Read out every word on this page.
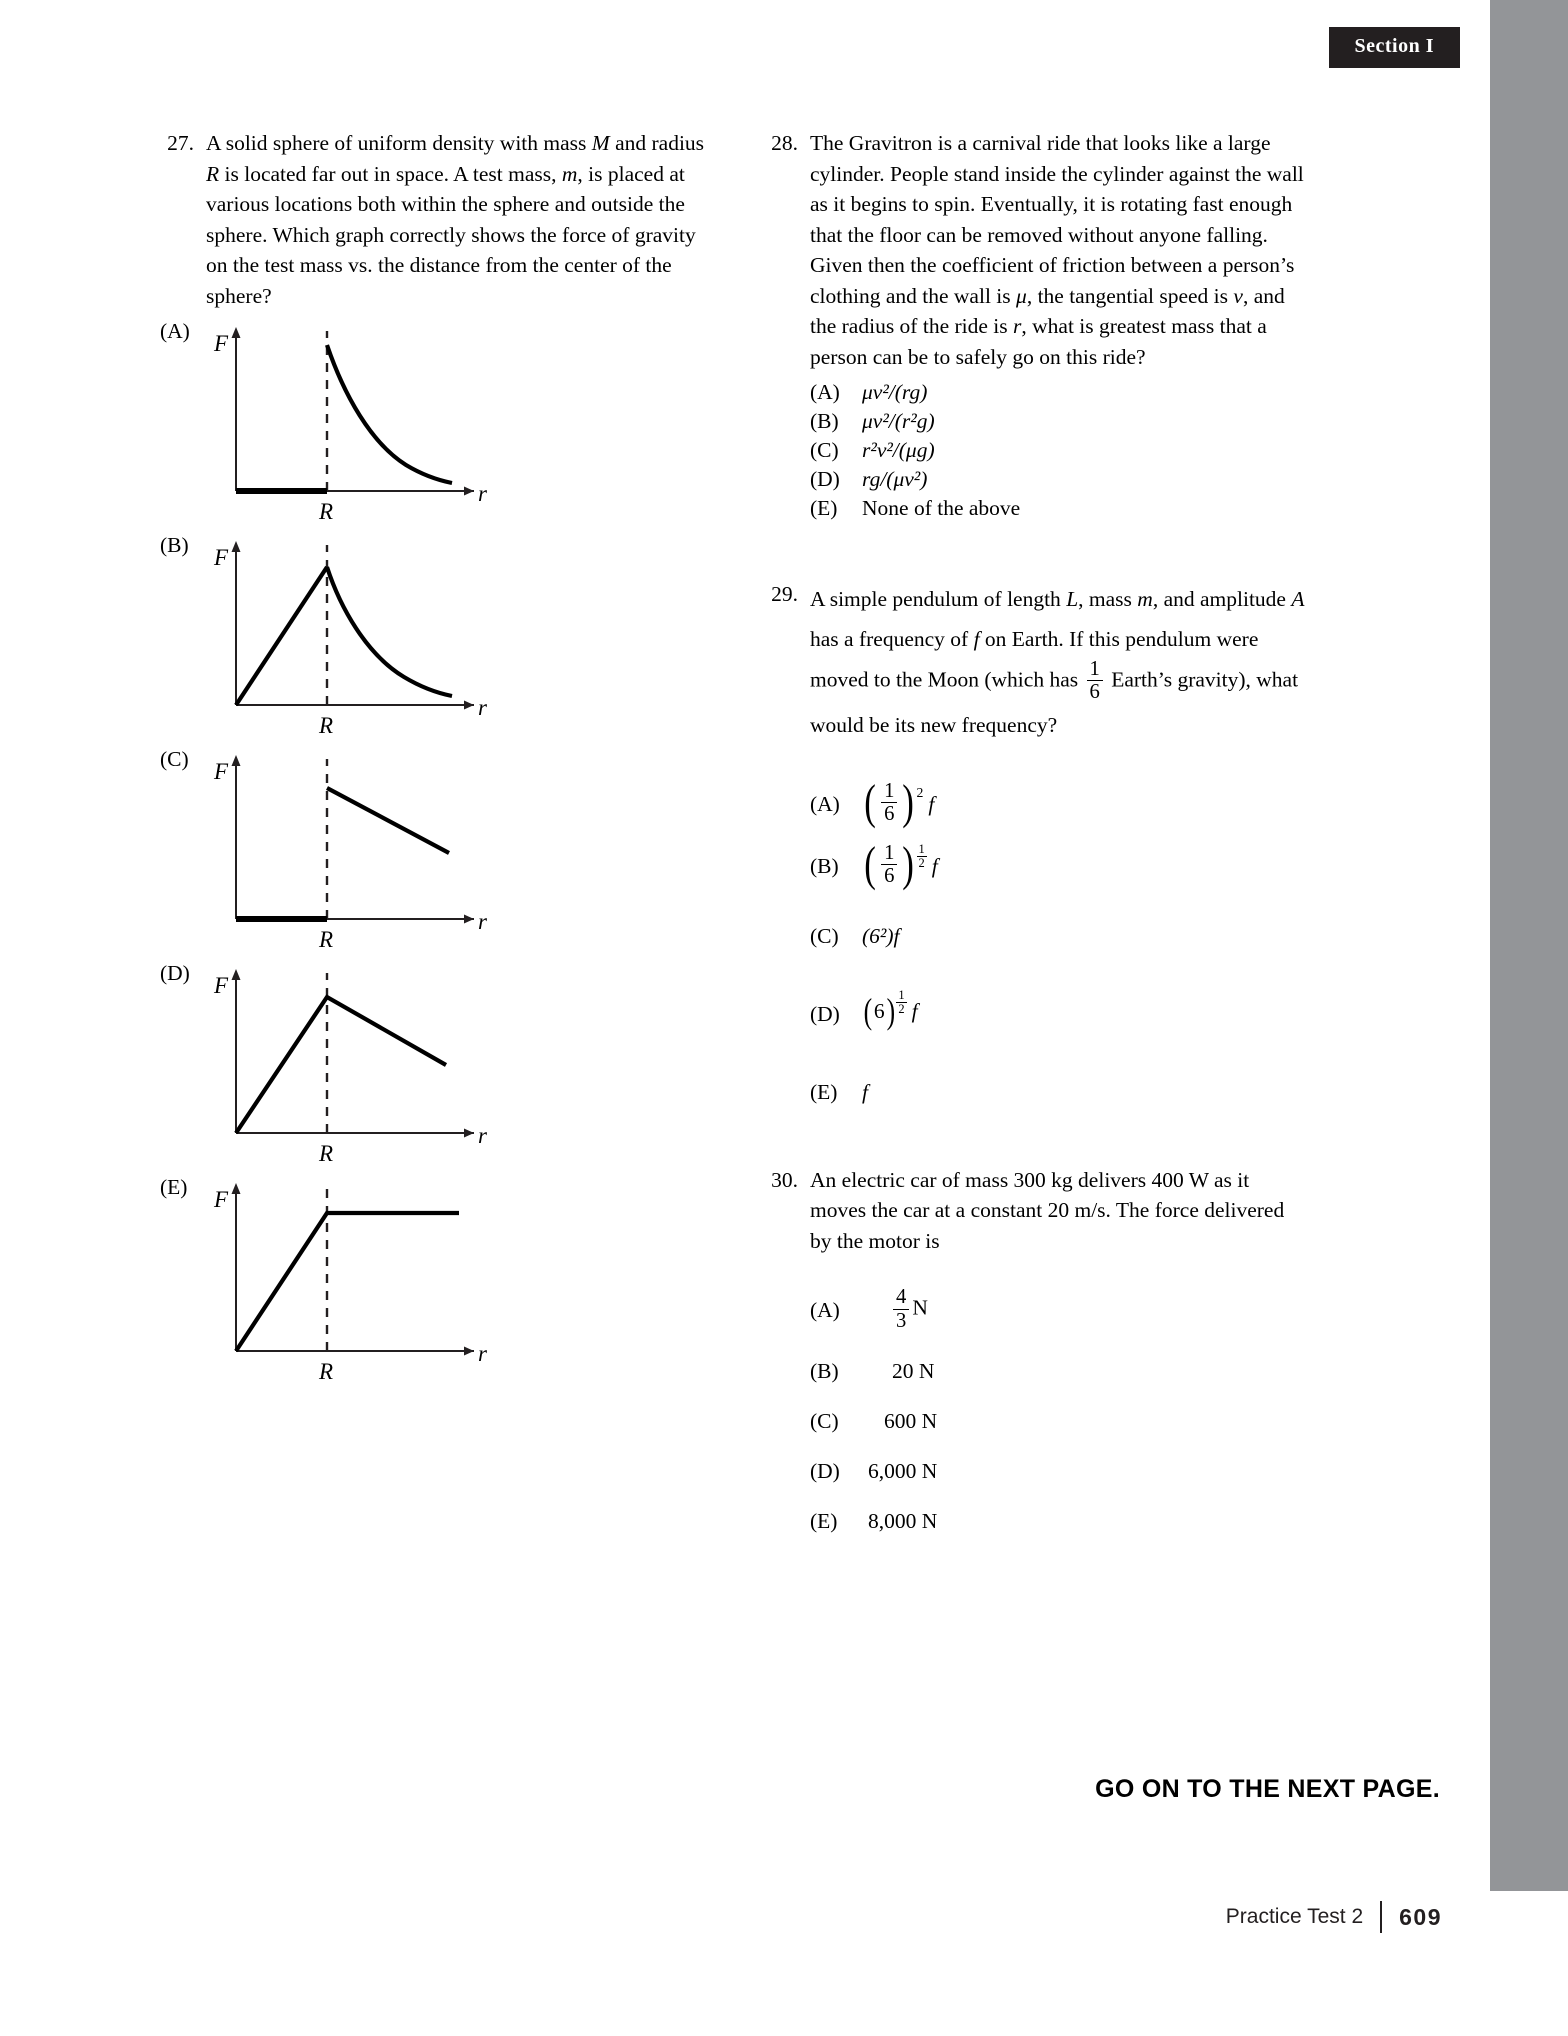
Section I
27. A solid sphere of uniform density with mass M and radius R is located far out in space. A test mass, m, is placed at various locations both within the sphere and outside the sphere. Which graph correctly shows the force of gravity on the test mass vs. the distance from the center of the sphere?
(A)	F
r
R
(B)	F
r
R
(C)	F
r
R
(D)	F
r
R
(E)	F
r
R
28. The Gravitron is a carnival ride that looks like a large cylinder. People stand inside the cylinder against the wall as it begins to spin. Eventually, it is rotating fast enough that the floor can be removed without anyone falling. Given then the coefficient of friction between a person’s clothing and the wall is μ, the tangential speed is v, and the radius of the ride is r, what is greatest mass that a person can be to safely go on this ride?
(A)	μv²/(rg)
(B)	μv²/(r²g)
(C)	r²v²/(μg)
(D)	rg/(μv²)
(E)	None of the above
29. A simple pendulum of length L, mass m, and amplitude A has a frequency of f on Earth. If this pendulum were moved to the Moon (which has $\frac{1}{6}$ Earth’s gravity), what would be its new frequency?
(A) ( $\frac{1}{6}$ ) 2 f
(B) ( $\frac{1}{6}$ ) $\frac{1}{2}$ f
(C)	(6²)f
(D) ( 6 ) $\frac{1}{2}$ f
(E)	f
30. An electric car of mass 300 kg delivers 400 W as it moves the car at a constant 20 m/s. The force delivered by the motor is
(A)	$\frac{4}{3}$ N
(B)	20 N
(C)	600 N
(D)	6,000 N
(E)	8,000 N
GO ON TO THE NEXT PAGE.
Practice Test 2 609
